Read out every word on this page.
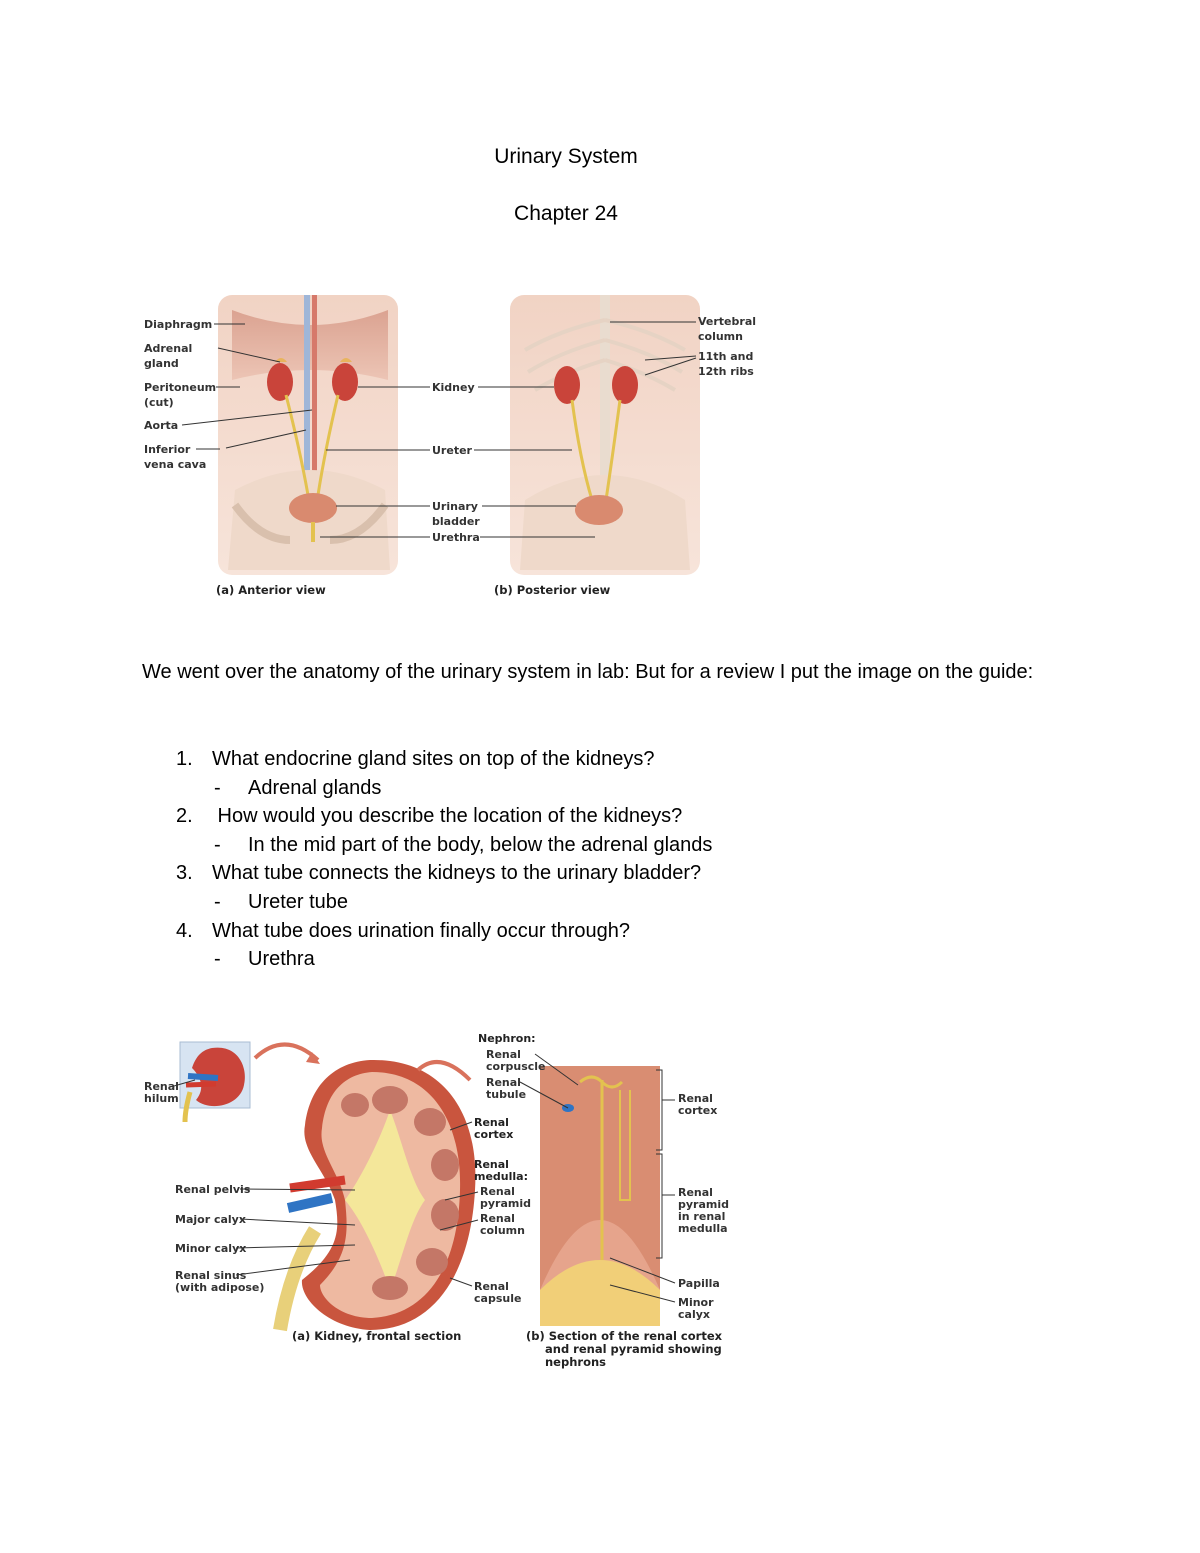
Urinary System
Chapter 24
Diaphragm
Adrenal gland
Peritoneum (cut)
Aorta
Inferior vena cava
Kidney
Ureter
Urinary bladder
Urethra
Vertebral column
11th and 12th ribs
(a) Anterior view	(b) Posterior view
We went over the anatomy of the urinary system in lab: But for a review I put the image on the guide:
1. What endocrine gland sites on top of the kidneys?
-	Adrenal glands
2. How would you describe the location of the kidneys?
-	In the mid part of the body, below the adrenal glands
3. What tube connects the kidneys to the urinary bladder?
-	Ureter tube
4. What tube does urination finally occur through?
-	Urethra
Renal hilum
Renal pelvis
Major calyx
Minor calyx
Renal sinus (with adipose)
Nephron:
Renal corpuscle
Renal tubule
Renal cortex
Renal medulla:
Renal pyramid
Renal column
Renal capsule
Renal cortex
Renal pyramid in renal medulla
Papilla
Minor calyx
(a) Kidney, frontal section	(b) Section of the renal cortex and renal pyramid showing nephrons
